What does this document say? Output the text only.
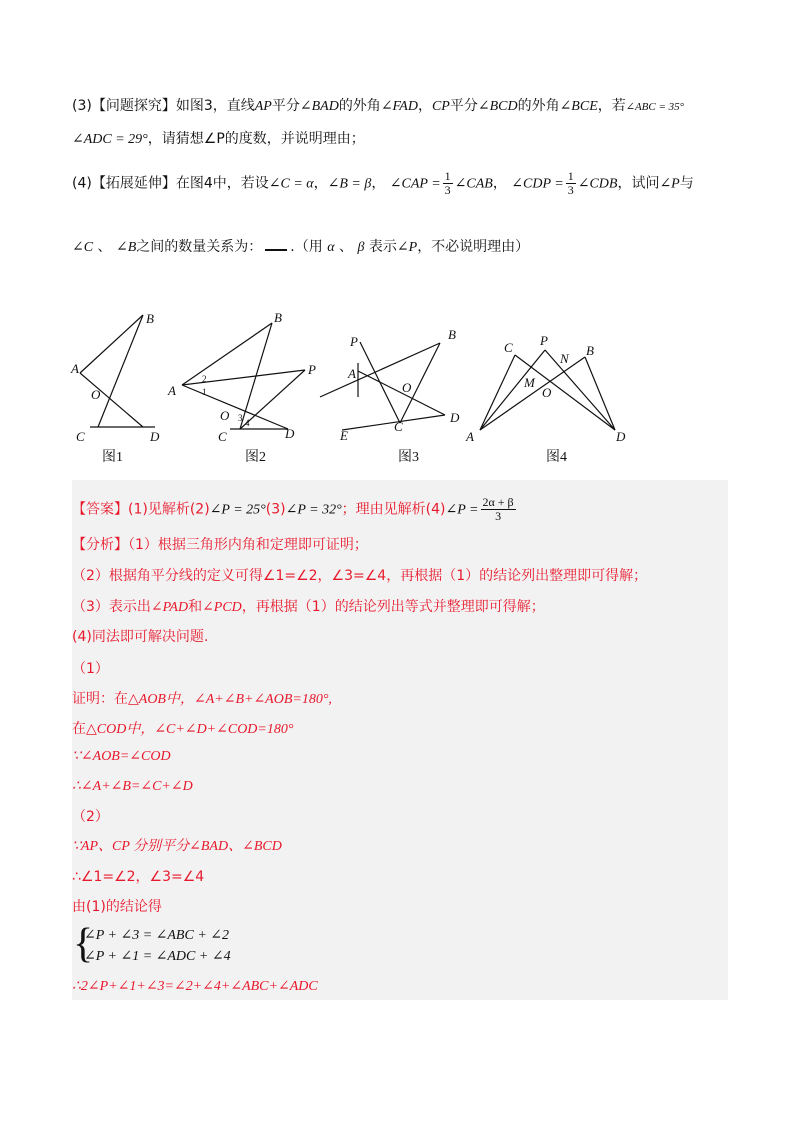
(3)【问题探究】如图3，直线AP平分∠BAD的外角∠FAD，CP平分∠BCD的外角∠BCE，若∠ABC = 35°
∠ADC = 29°，请猜想∠P的度数，并说明理由；
(4)【拓展延伸】在图4中，若设∠C = α，∠B = β， ∠CAP = $\frac{1}{3}$ ∠CAB， ∠CDP = $\frac{1}{3}$ ∠CDB，试问∠P与
∠C 、 ∠B之间的数量关系为： .（用 α 、 β 表示∠P，不必说明理由）
B
A
O
C	D
图1
B
A
P
O
C	D
2
1
3 4
图2
P	B
A
O
D
E
C
图3
C P
N
B
M
O
A	D
图4
【答案】(1)见解析(2)∠P = 25°(3)∠P = 32°；理由见解析(4)∠P = $\frac{2\alpha + \beta}{3}$
【分析】（1）根据三角形内角和定理即可证明；
（2）根据角平分线的定义可得∠1=∠2，∠3=∠4，再根据（1）的结论列出整理即可得解；
（3）表示出∠PAD和∠PCD，再根据（1）的结论列出等式并整理即可得解；
(4)同法即可解决问题.
（1）
证明：在△AOB中，∠A+∠B+∠AOB=180°,
在△COD中，∠C+∠D+∠COD=180°
∵∠AOB=∠COD
∴∠A+∠B=∠C+∠D
（2）
∵AP、CP 分别平分∠BAD、∠BCD
∴∠1=∠2，∠3=∠4
由(1)的结论得
{
∠P + ∠3 = ∠ABC + ∠2
∠P + ∠1 = ∠ADC + ∠4
∴2∠P+∠1+∠3=∠2+∠4+∠ABC+∠ADC
